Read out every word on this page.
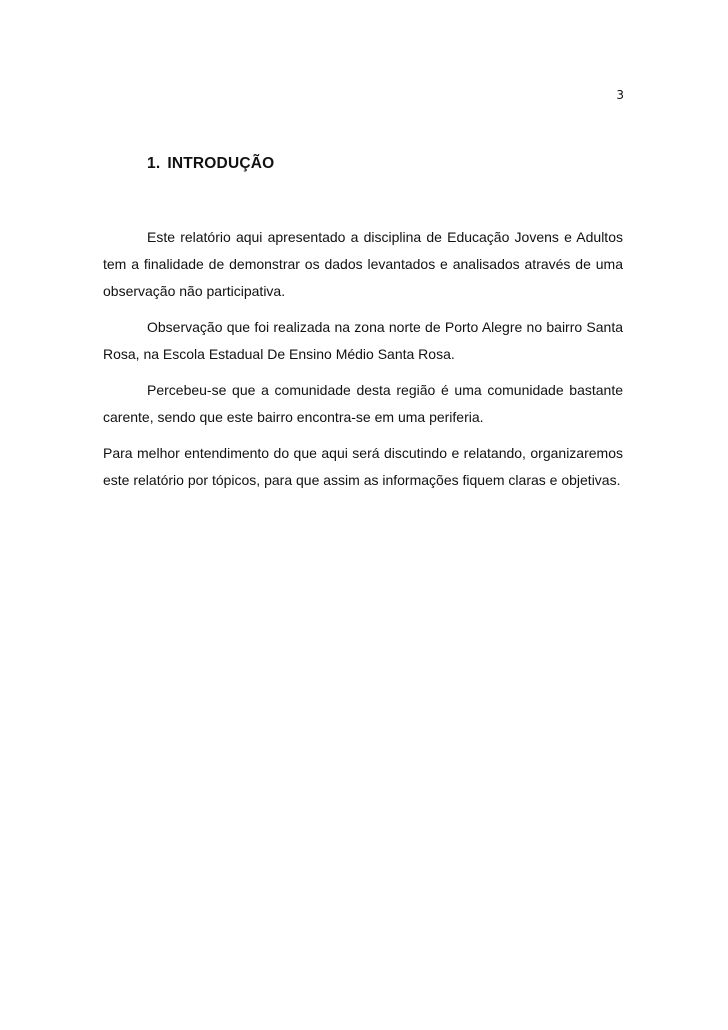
3
1. INTRODUÇÃO

Este relatório aqui apresentado a disciplina de Educação Jovens e Adultos tem a finalidade de demonstrar os dados levantados e analisados através de uma observação não participativa.

Observação que foi realizada na zona norte de Porto Alegre no bairro Santa Rosa, na Escola Estadual De Ensino Médio Santa Rosa.

Percebeu-se que a comunidade desta região é uma comunidade bastante carente, sendo que este bairro encontra-se em uma periferia.

Para melhor entendimento do que aqui será discutindo e relatando, organizaremos este relatório por tópicos, para que assim as informações fiquem claras e objetivas.
